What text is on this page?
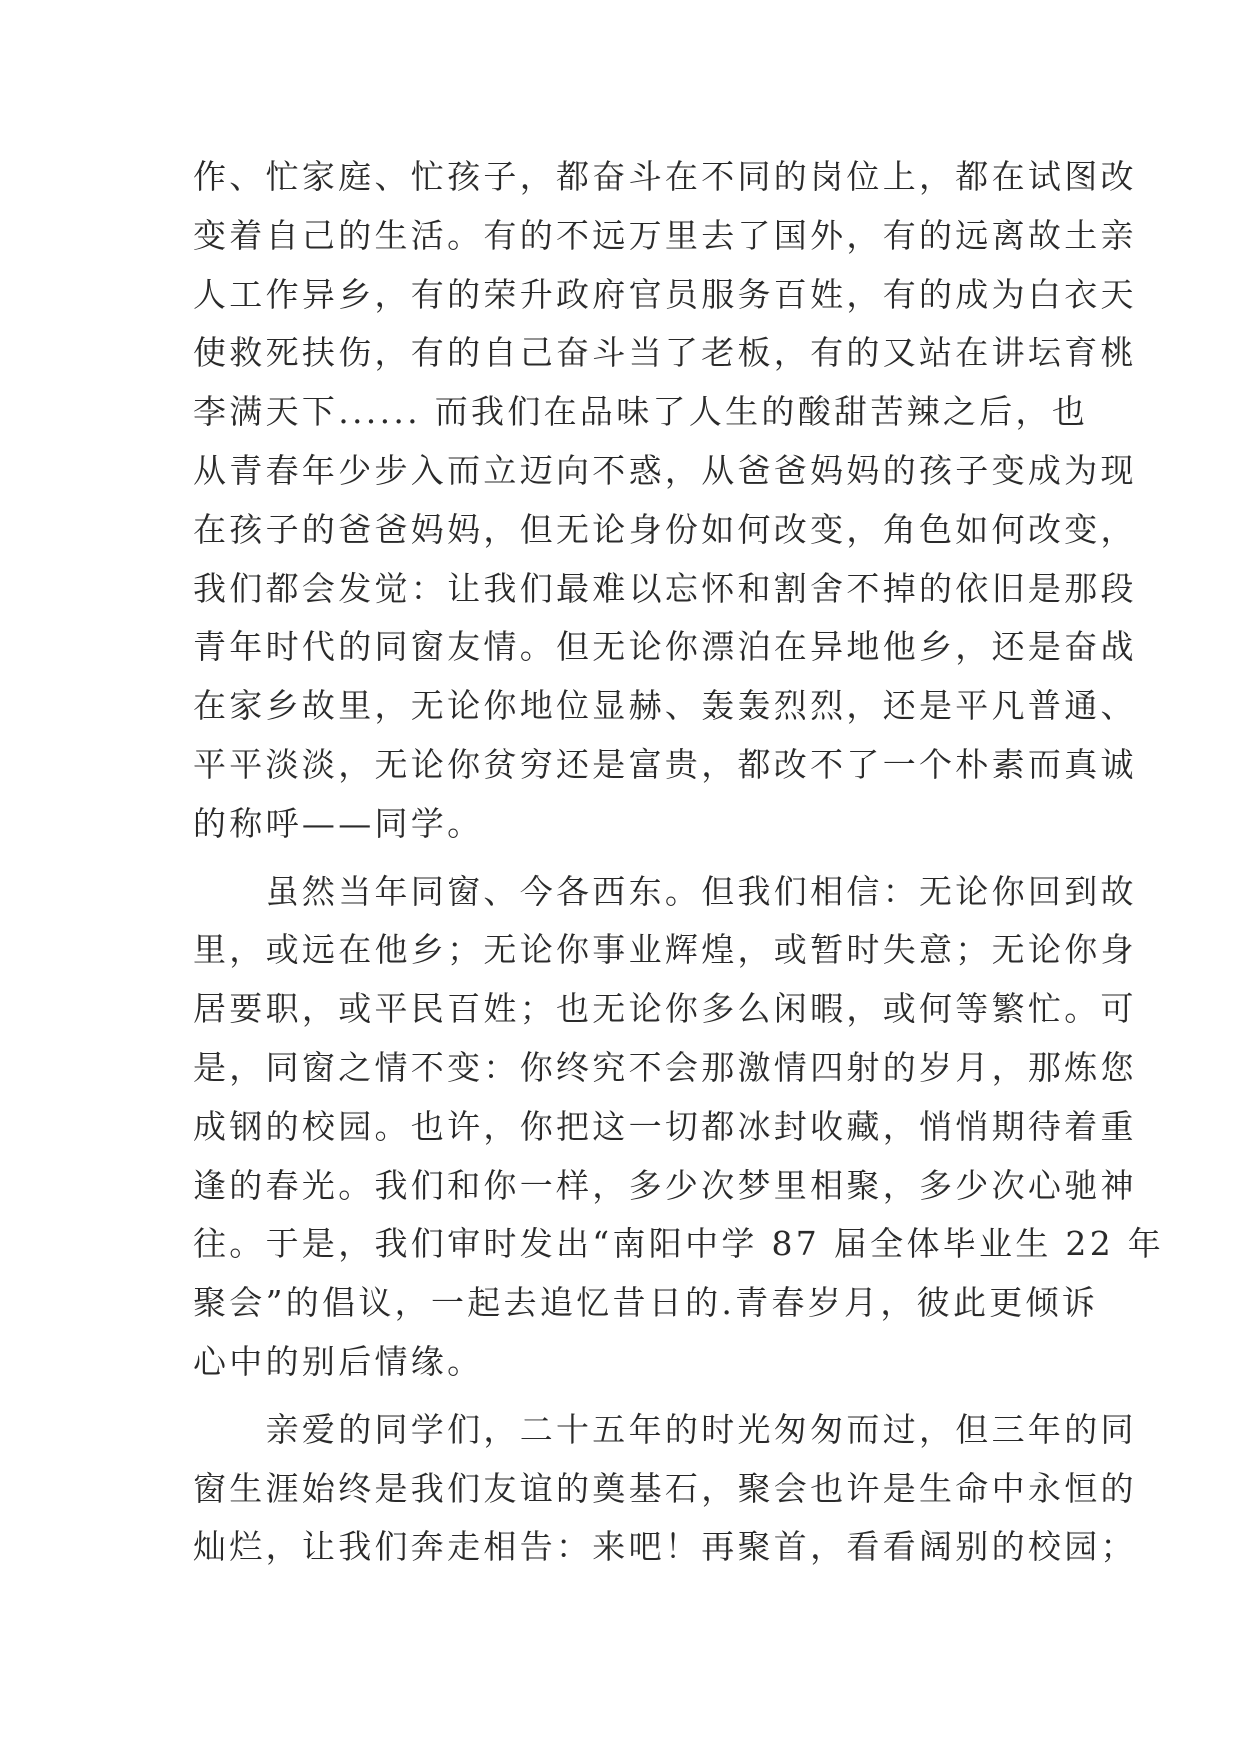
作、忙家庭、忙孩子，都奋斗在不同的岗位上，都在试图改
变着自己的生活。有的不远万里去了国外，有的远离故土亲
人工作异乡，有的荣升政府官员服务百姓，有的成为白衣天
使救死扶伤，有的自己奋斗当了老板，有的又站在讲坛育桃
李满天下...... 而我们在品味了人生的酸甜苦辣之后，也
从青春年少步入而立迈向不惑，从爸爸妈妈的孩子变成为现
在孩子的爸爸妈妈，但无论身份如何改变，角色如何改变，
我们都会发觉：让我们最难以忘怀和割舍不掉的依旧是那段
青年时代的同窗友情。但无论你漂泊在异地他乡，还是奋战
在家乡故里，无论你地位显赫、轰轰烈烈，还是平凡普通、
平平淡淡，无论你贫穷还是富贵，都改不了一个朴素而真诚
的称呼——同学。
　　虽然当年同窗、今各西东。但我们相信：无论你回到故
里，或远在他乡；无论你事业辉煌，或暂时失意；无论你身
居要职，或平民百姓；也无论你多么闲暇，或何等繁忙。可
是，同窗之情不变：你终究不会那激情四射的岁月，那炼您
成钢的校园。也许，你把这一切都冰封收藏，悄悄期待着重
逢的春光。我们和你一样，多少次梦里相聚，多少次心驰神
往。于是，我们审时发出“南阳中学 87 届全体毕业生 22 年
聚会”的倡议，一起去追忆昔日的.青春岁月，彼此更倾诉
心中的别后情缘。
　　亲爱的同学们，二十五年的时光匆匆而过，但三年的同
窗生涯始终是我们友谊的奠基石，聚会也许是生命中永恒的
灿烂，让我们奔走相告：来吧！再聚首，看看阔别的校园；
